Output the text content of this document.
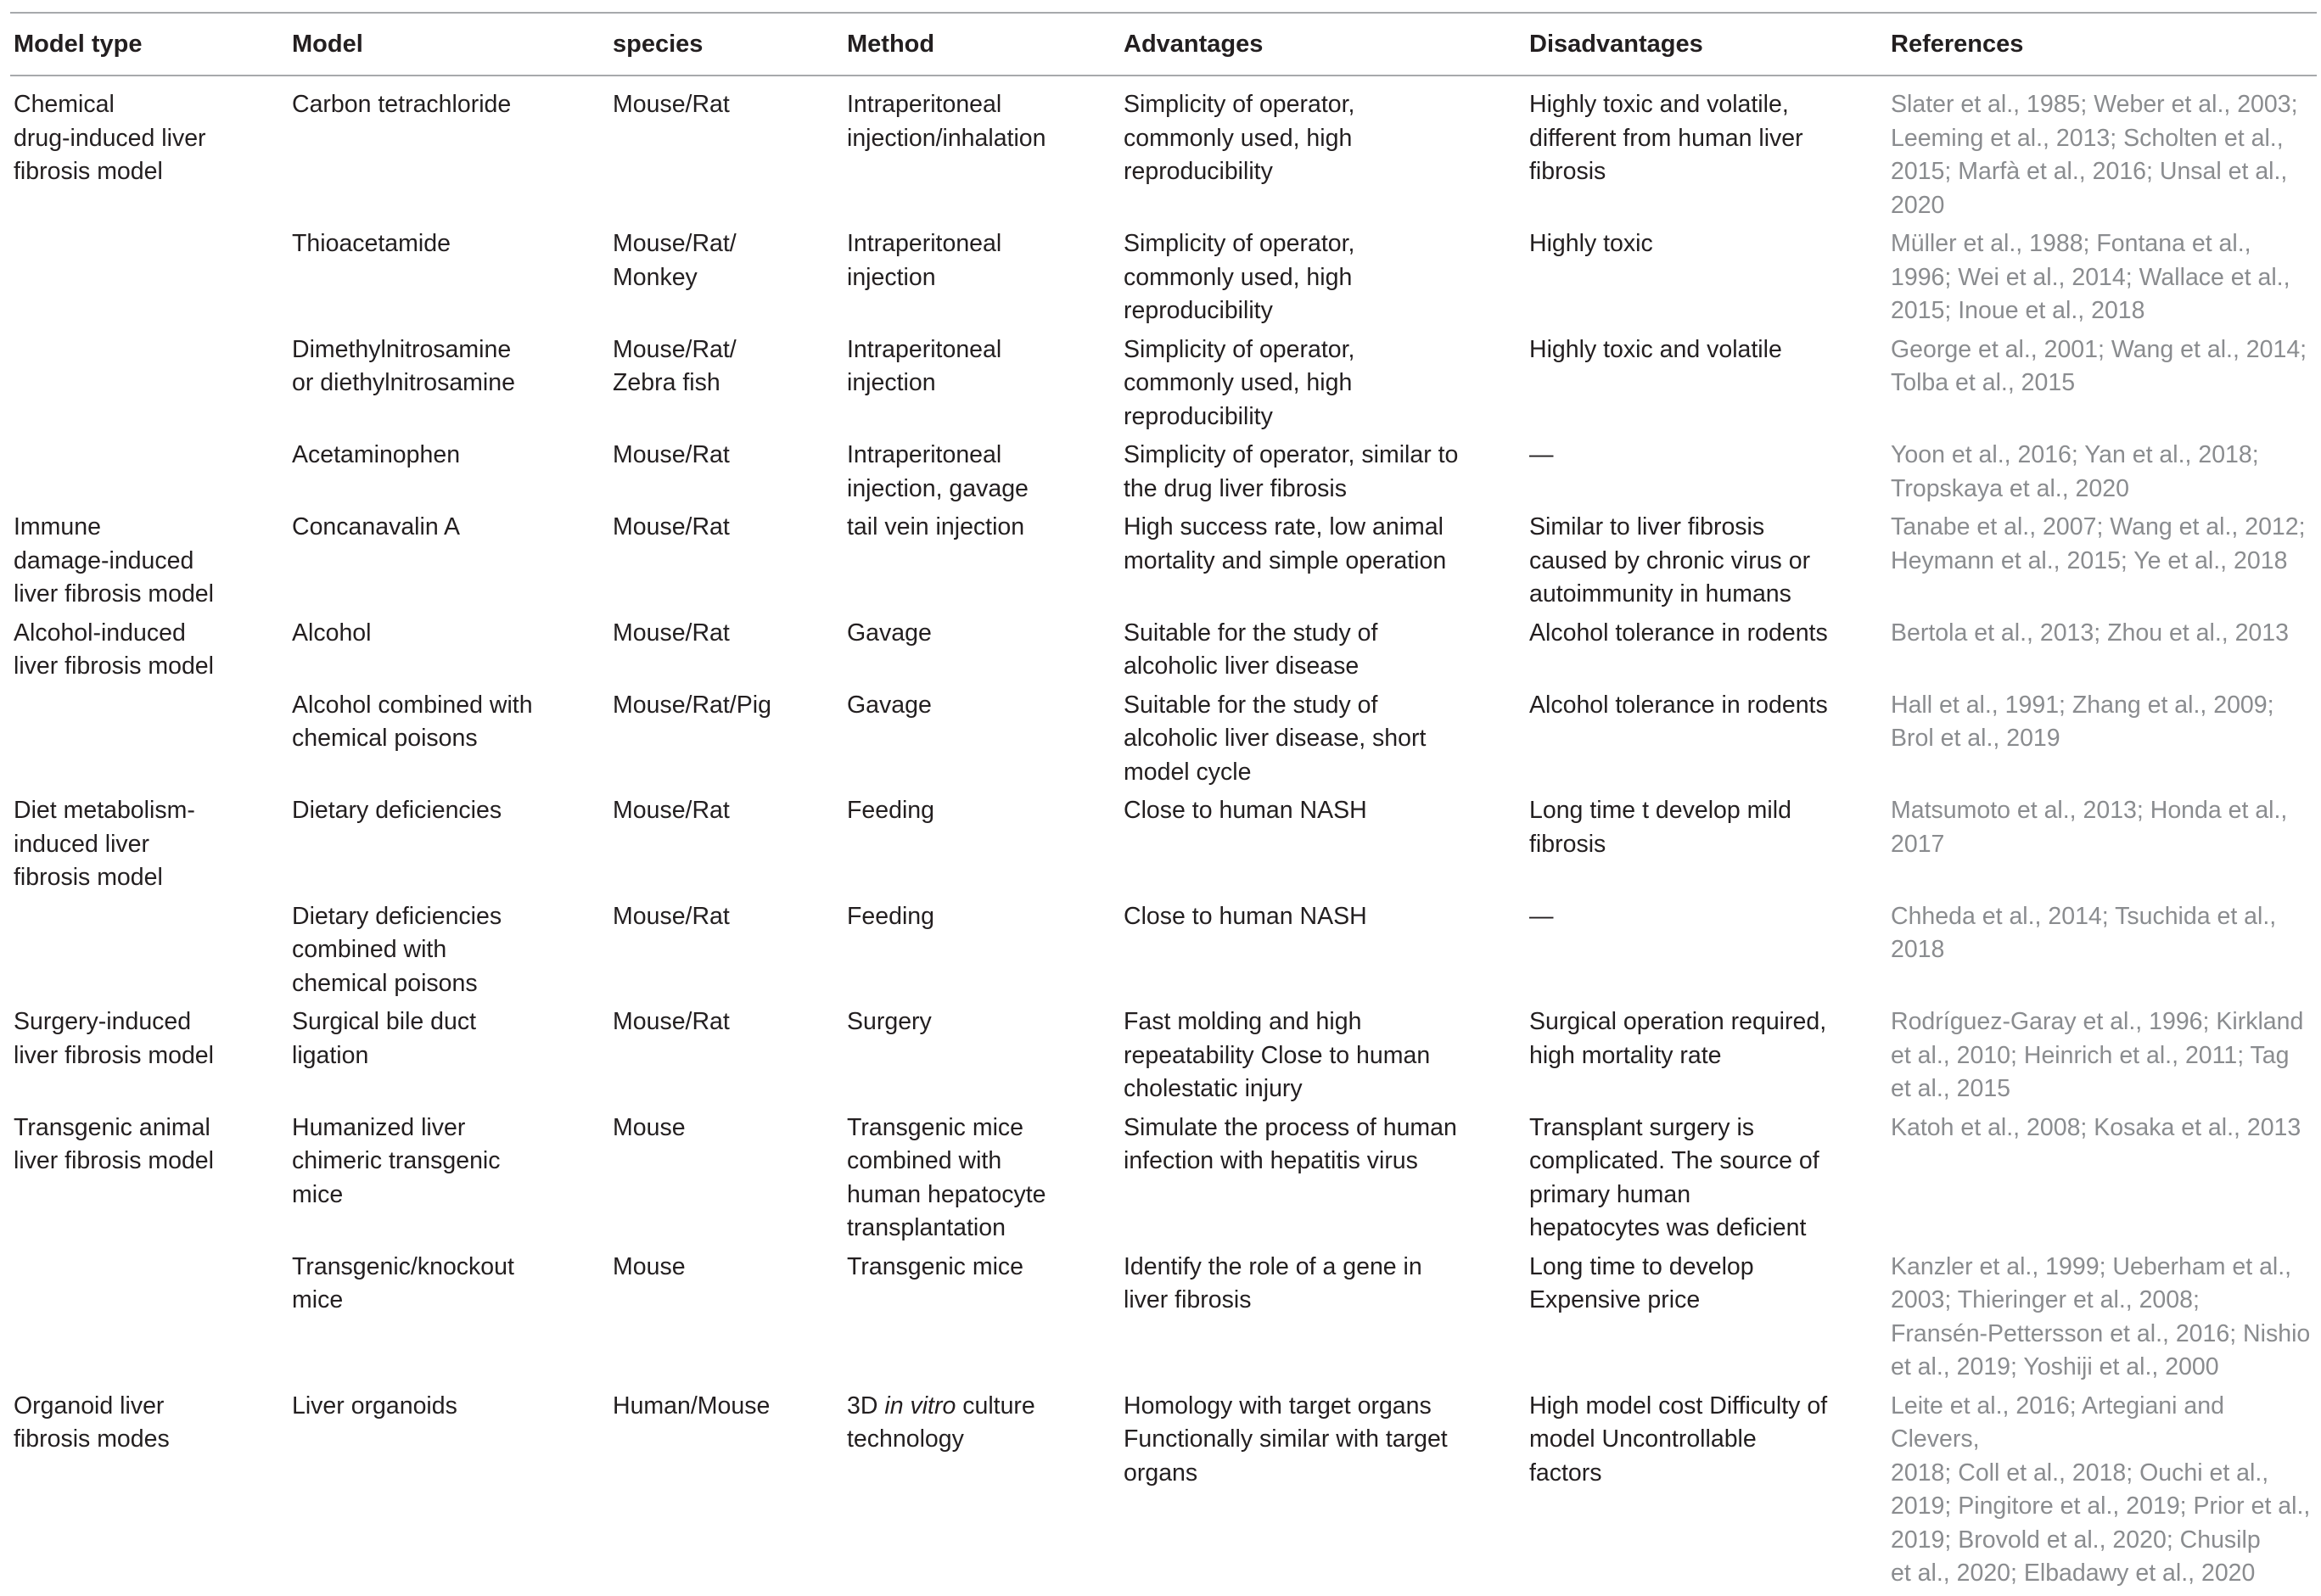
Model type	Model	species	Method	Advantages	Disadvantages	References
Chemical
drug-induced liver
fibrosis model	Carbon tetrachloride	Mouse/Rat	Intraperitoneal
injection/inhalation	Simplicity of operator,
commonly used, high
reproducibility	Highly toxic and volatile,
different from human liver
fibrosis	Slater et al., 1985; Weber et al., 2003;
Leeming et al., 2013; Scholten et al.,
2015; Marfà et al., 2016; Unsal et al.,
2020
	Thioacetamide	Mouse/Rat/
Monkey	Intraperitoneal
injection	Simplicity of operator,
commonly used, high
reproducibility	Highly toxic	Müller et al., 1988; Fontana et al.,
1996; Wei et al., 2014; Wallace et al.,
2015; Inoue et al., 2018
	Dimethylnitrosamine
or diethylnitrosamine	Mouse/Rat/
Zebra fish	Intraperitoneal
injection	Simplicity of operator,
commonly used, high
reproducibility	Highly toxic and volatile	George et al., 2001; Wang et al., 2014;
Tolba et al., 2015
	Acetaminophen	Mouse/Rat	Intraperitoneal
injection, gavage	Simplicity of operator, similar to
the drug liver fibrosis	—	Yoon et al., 2016; Yan et al., 2018;
Tropskaya et al., 2020
Immune
damage-induced
liver fibrosis model	Concanavalin A	Mouse/Rat	tail vein injection	High success rate, low animal
mortality and simple operation	Similar to liver fibrosis
caused by chronic virus or
autoimmunity in humans	Tanabe et al., 2007; Wang et al., 2012;
Heymann et al., 2015; Ye et al., 2018
Alcohol-induced
liver fibrosis model	Alcohol	Mouse/Rat	Gavage	Suitable for the study of
alcoholic liver disease	Alcohol tolerance in rodents	Bertola et al., 2013; Zhou et al., 2013
	Alcohol combined with
chemical poisons	Mouse/Rat/Pig	Gavage	Suitable for the study of
alcoholic liver disease, short
model cycle	Alcohol tolerance in rodents	Hall et al., 1991; Zhang et al., 2009;
Brol et al., 2019
Diet metabolism-
induced liver
fibrosis model	Dietary deficiencies	Mouse/Rat	Feeding	Close to human NASH	Long time t develop mild
fibrosis	Matsumoto et al., 2013; Honda et al.,
2017
	Dietary deficiencies
combined with
chemical poisons	Mouse/Rat	Feeding	Close to human NASH	—	Chheda et al., 2014; Tsuchida et al.,
2018
Surgery-induced
liver fibrosis model	Surgical bile duct
ligation	Mouse/Rat	Surgery	Fast molding and high
repeatability Close to human
cholestatic injury	Surgical operation required,
high mortality rate	Rodríguez-Garay et al., 1996; Kirkland
et al., 2010; Heinrich et al., 2011; Tag
et al., 2015
Transgenic animal
liver fibrosis model	Humanized liver
chimeric transgenic
mice	Mouse	Transgenic mice
combined with
human hepatocyte
transplantation	Simulate the process of human
infection with hepatitis virus	Transplant surgery is
complicated. The source of
primary human
hepatocytes was deficient	Katoh et al., 2008; Kosaka et al., 2013
	Transgenic/knockout
mice	Mouse	Transgenic mice	Identify the role of a gene in
liver fibrosis	Long time to develop
Expensive price	Kanzler et al., 1999; Ueberham et al.,
2003; Thieringer et al., 2008;
Fransén-Pettersson et al., 2016; Nishio
et al., 2019; Yoshiji et al., 2000
Organoid liver
fibrosis modes	Liver organoids	Human/Mouse	3D in vitro culture
technology	Homology with target organs
Functionally similar with target
organs	High model cost Difficulty of
model Uncontrollable
factors	Leite et al., 2016; Artegiani and Clevers,
2018; Coll et al., 2018; Ouchi et al.,
2019; Pingitore et al., 2019; Prior et al.,
2019; Brovold et al., 2020; Chusilp
et al., 2020; Elbadawy et al., 2020
